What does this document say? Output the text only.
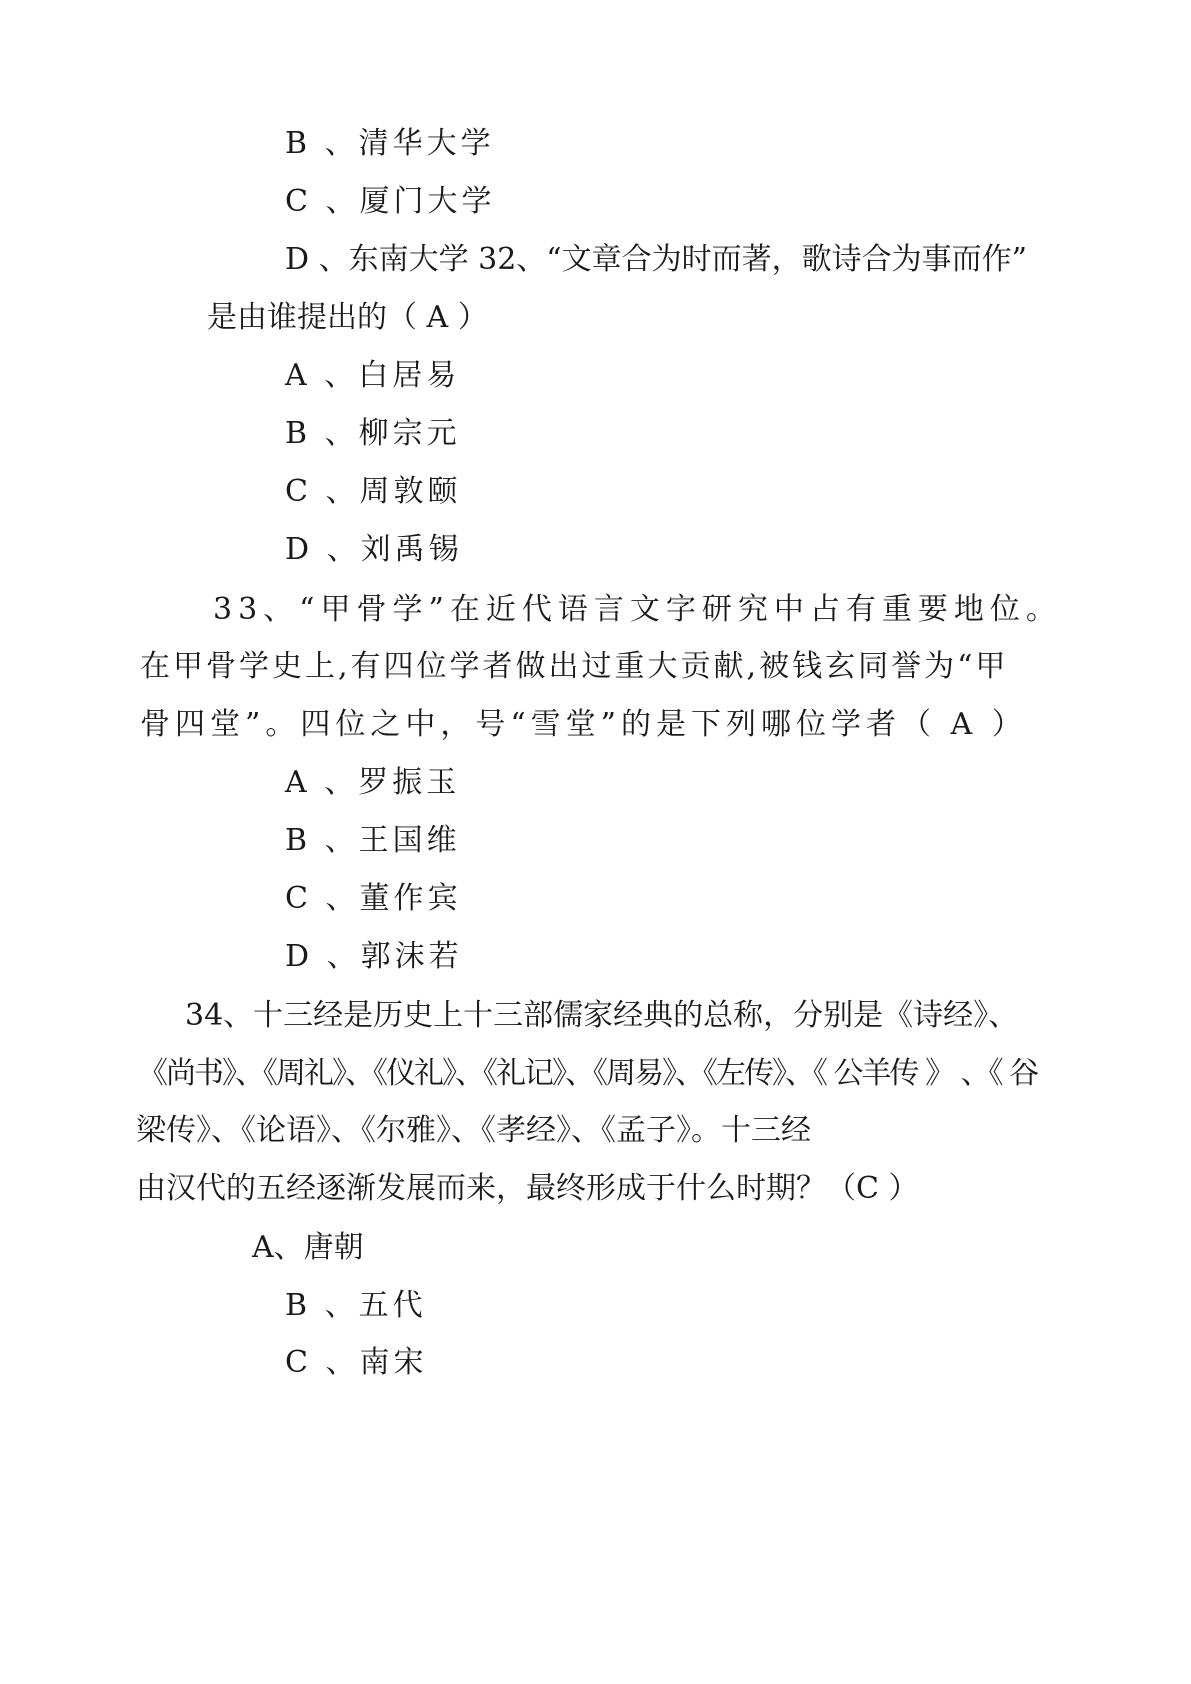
B 、清华大学
C 、厦门大学
D 、东南大学 32、“文章合为时而著，歌诗合为事而作”
是由谁提出的（ A ）
A 、白居易
B 、柳宗元
C 、周敦颐
D 、刘禹锡
33、“甲骨学”在近代语言文字研究中占有重要地位。
在甲骨学史上,有四位学者做出过重大贡献,被钱玄同誉为“甲
骨四堂”。四位之中，号“雪堂”的是下列哪位学者（ A ）
A 、罗振玉
B 、王国维
C 、董作宾
D 、郭沫若
34、十三经是历史上十三部儒家经典的总称，分别是《诗经》、
《尚书》、《周礼》、《仪礼》、《礼记》、《周易》、《左传》、《 公羊传 》 、《 谷
梁传》、《论语》、《尔雅》、《孝经》、《孟子》。十三经
由汉代的五经逐渐发展而来，最终形成于什么时期？（C ）
A、唐朝
B 、五代
C 、南宋
